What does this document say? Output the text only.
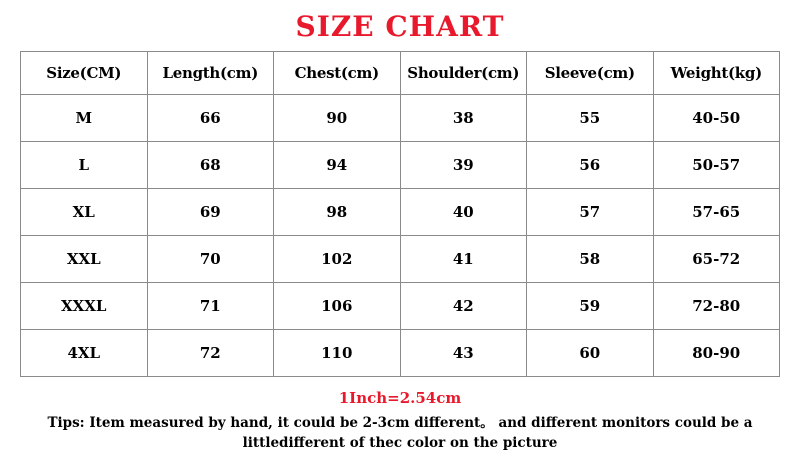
SIZE CHART
Size(CM)	Length(cm)	Chest(cm)	Shoulder(cm)	Sleeve(cm)	Weight(kg)
M	66	90	38	55	40-50
L	68	94	39	56	50-57
XL	69	98	40	57	57-65
XXL	70	102	41	58	65-72
XXXL	71	106	42	59	72-80
4XL	72	110	43	60	80-90
1Inch=2.54cm
Tips: Item measured by hand, it could be 2-3cm different。 and different monitors could be a
littledifferent of thec color on the picture
